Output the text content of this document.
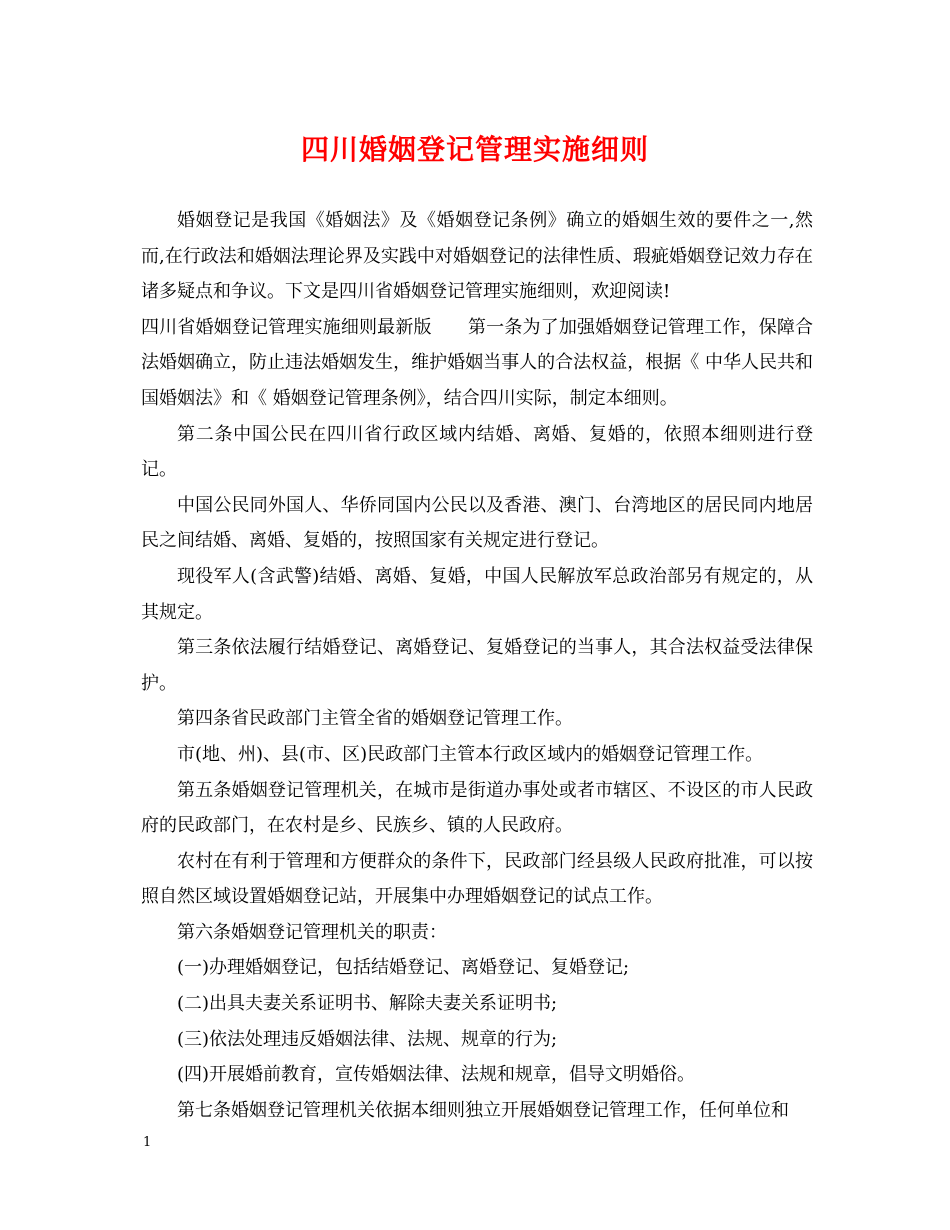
四川婚姻登记管理实施细则

婚姻登记是我国《婚姻法》及《婚姻登记条例》确立的婚姻生效的要件之一,然而,在行政法和婚姻法理论界及实践中对婚姻登记的法律性质、瑕疵婚姻登记效力存在诸多疑点和争议。下文是四川省婚姻登记管理实施细则，欢迎阅读!

四川省婚姻登记管理实施细则最新版　　第一条为了加强婚姻登记管理工作，保障合法婚姻确立，防止违法婚姻发生，维护婚姻当事人的合法权益，根据《 中华人民共和国婚姻法》和《 婚姻登记管理条例》，结合四川实际，制定本细则。

第二条中国公民在四川省行政区域内结婚、离婚、复婚的，依照本细则进行登记。

中国公民同外国人、华侨同国内公民以及香港、澳门、台湾地区的居民同内地居民之间结婚、离婚、复婚的，按照国家有关规定进行登记。

现役军人(含武警)结婚、离婚、复婚，中国人民解放军总政治部另有规定的，从其规定。

第三条依法履行结婚登记、离婚登记、复婚登记的当事人，其合法权益受法律保护。

第四条省民政部门主管全省的婚姻登记管理工作。

市(地、州)、县(市、区)民政部门主管本行政区域内的婚姻登记管理工作。

第五条婚姻登记管理机关，在城市是街道办事处或者市辖区、不设区的市人民政府的民政部门，在农村是乡、民族乡、镇的人民政府。

农村在有利于管理和方便群众的条件下，民政部门经县级人民政府批准，可以按照自然区域设置婚姻登记站，开展集中办理婚姻登记的试点工作。

第六条婚姻登记管理机关的职责：

(一)办理婚姻登记，包括结婚登记、离婚登记、复婚登记;

(二)出具夫妻关系证明书、解除夫妻关系证明书;

(三)依法处理违反婚姻法律、法规、规章的行为;

(四)开展婚前教育，宣传婚姻法律、法规和规章，倡导文明婚俗。

第七条婚姻登记管理机关依据本细则独立开展婚姻登记管理工作，任何单位和

1
